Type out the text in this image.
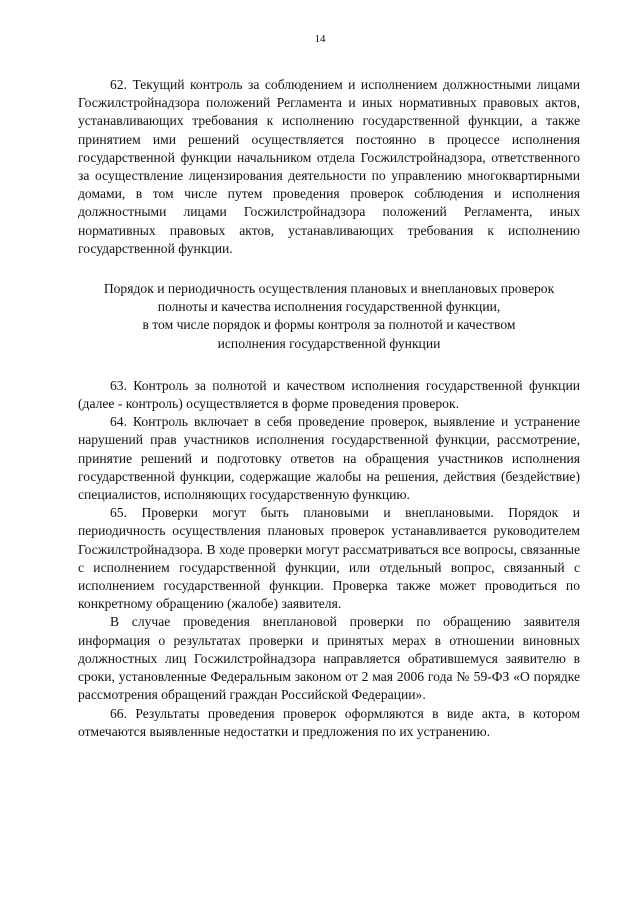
14

62. Текущий контроль за соблюдением и исполнением должностными лицами Госжилстройнадзора положений Регламента и иных нормативных правовых актов, устанавливающих требования к исполнению государственной функции, а также принятием ими решений осуществляется постоянно в процессе исполнения государственной функции начальником отдела Госжилстройнадзора, ответственного за осуществление лицензирования деятельности по управлению многоквартирными домами, в том числе путем проведения проверок соблюдения и исполнения должностными лицами Госжилстройнадзора положений Регламента, иных нормативных правовых актов, устанавливающих требования к исполнению государственной функции.

Порядок и периодичность осуществления плановых и внеплановых проверок
полноты и качества исполнения государственной функции,
в том числе порядок и формы контроля за полнотой и качеством
исполнения государственной функции

63. Контроль за полнотой и качеством исполнения государственной функции (далее - контроль) осуществляется в форме проведения проверок.

64. Контроль включает в себя проведение проверок, выявление и устранение нарушений прав участников исполнения государственной функции, рассмотрение, принятие решений и подготовку ответов на обращения участников исполнения государственной функции, содержащие жалобы на решения, действия (бездействие) специалистов, исполняющих государственную функцию.

65. Проверки могут быть плановыми и внеплановыми. Порядок и периодичность осуществления плановых проверок устанавливается руководителем Госжилстройнадзора. В ходе проверки могут рассматриваться все вопросы, связанные с исполнением государственной функции, или отдельный вопрос, связанный с исполнением государственной функции. Проверка также может проводиться по конкретному обращению (жалобе) заявителя.

В случае проведения внеплановой проверки по обращению заявителя информация о результатах проверки и принятых мерах в отношении виновных должностных лиц Госжилстройнадзора направляется обратившемуся заявителю в сроки, установленные Федеральным законом от 2 мая 2006 года № 59-ФЗ «О порядке рассмотрения обращений граждан Российской Федерации».

66. Результаты проведения проверок оформляются в виде акта, в котором отмечаются выявленные недостатки и предложения по их устранению.
